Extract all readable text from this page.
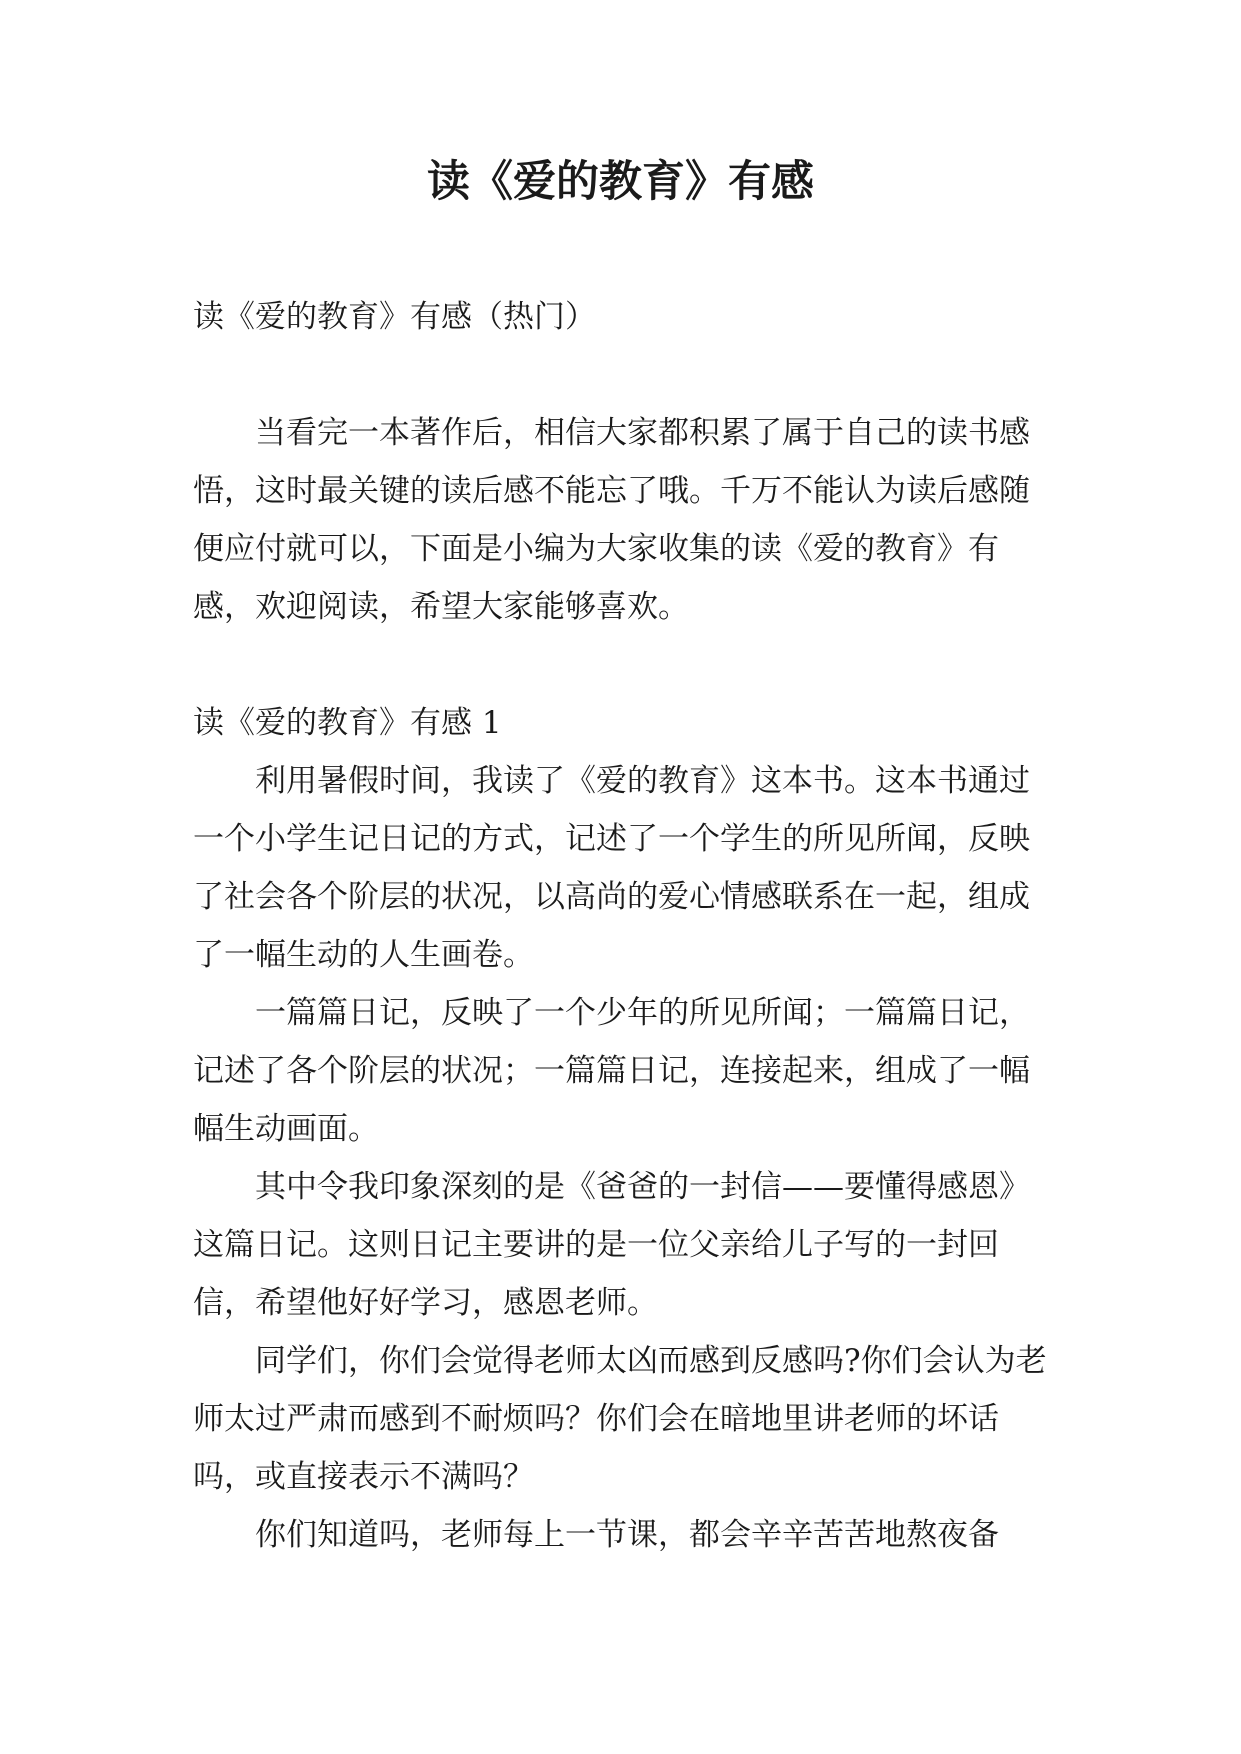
读《爱的教育》有感

读《爱的教育》有感（热门）

当看完一本著作后，相信大家都积累了属于自己的读书感悟，这时最关键的读后感不能忘了哦。千万不能认为读后感随便应付就可以，下面是小编为大家收集的读《爱的教育》有感，欢迎阅读，希望大家能够喜欢。

读《爱的教育》有感 1

利用暑假时间，我读了《爱的教育》这本书。这本书通过一个小学生记日记的方式，记述了一个学生的所见所闻，反映了社会各个阶层的状况，以高尚的爱心情感联系在一起，组成了一幅生动的人生画卷。

一篇篇日记，反映了一个少年的所见所闻；一篇篇日记，记述了各个阶层的状况；一篇篇日记，连接起来，组成了一幅幅生动画面。

其中令我印象深刻的是《爸爸的一封信——要懂得感恩》这篇日记。这则日记主要讲的是一位父亲给儿子写的一封回信，希望他好好学习，感恩老师。

同学们，你们会觉得老师太凶而感到反感吗?你们会认为老师太过严肃而感到不耐烦吗？你们会在暗地里讲老师的坏话吗，或直接表示不满吗？

你们知道吗，老师每上一节课，都会辛辛苦苦地熬夜备
